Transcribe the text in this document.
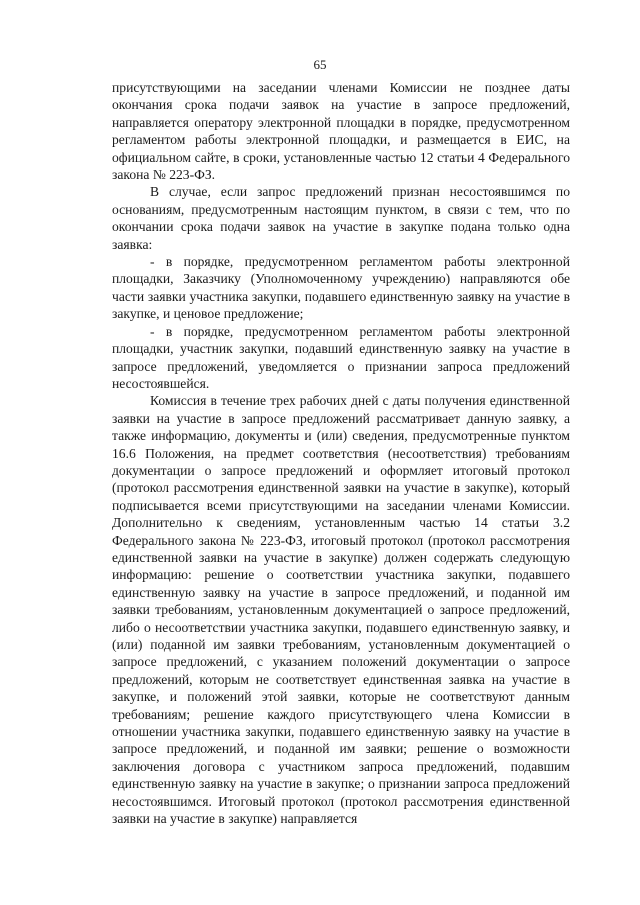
65

присутствующими на заседании членами Комиссии не позднее даты окончания срока подачи заявок на участие в запросе предложений, направляется оператору электронной площадки в порядке, предусмотренном регламентом работы электронной площадки, и размещается в ЕИС, на официальном сайте, в сроки, установленные частью 12 статьи 4 Федерального закона № 223-ФЗ.

В случае, если запрос предложений признан несостоявшимся по основаниям, предусмотренным настоящим пунктом, в связи с тем, что по окончании срока подачи заявок на участие в закупке подана только одна заявка:

- в порядке, предусмотренном регламентом работы электронной площадки, Заказчику (Уполномоченному учреждению) направляются обе части заявки участника закупки, подавшего единственную заявку на участие в закупке, и ценовое предложение;

- в порядке, предусмотренном регламентом работы электронной площадки, участник закупки, подавший единственную заявку на участие в запросе предложений, уведомляется о признании запроса предложений несостоявшейся.

Комиссия в течение трех рабочих дней с даты получения единственной заявки на участие в запросе предложений рассматривает данную заявку, а также информацию, документы и (или) сведения, предусмотренные пунктом 16.6 Положения, на предмет соответствия (несоответствия) требованиям документации о запросе предложений и оформляет итоговый протокол (протокол рассмотрения единственной заявки на участие в закупке), который подписывается всеми присутствующими на заседании членами Комиссии. Дополнительно к сведениям, установленным частью 14 статьи 3.2 Федерального закона № 223-ФЗ, итоговый протокол (протокол рассмотрения единственной заявки на участие в закупке) должен содержать следующую информацию: решение о соответствии участника закупки, подавшего единственную заявку на участие в запросе предложений, и поданной им заявки требованиям, установленным документацией о запросе предложений, либо о несоответствии участника закупки, подавшего единственную заявку, и (или) поданной им заявки требованиям, установленным документацией о запросе предложений, с указанием положений документации о запросе предложений, которым не соответствует единственная заявка на участие в закупке, и положений этой заявки, которые не соответствуют данным требованиям; решение каждого присутствующего члена Комиссии в отношении участника закупки, подавшего единственную заявку на участие в запросе предложений, и поданной им заявки; решение о возможности заключения договора с участником запроса предложений, подавшим единственную заявку на участие в закупке; о признании запроса предложений несостоявшимся. Итоговый протокол (протокол рассмотрения единственной заявки на участие в закупке) направляется
